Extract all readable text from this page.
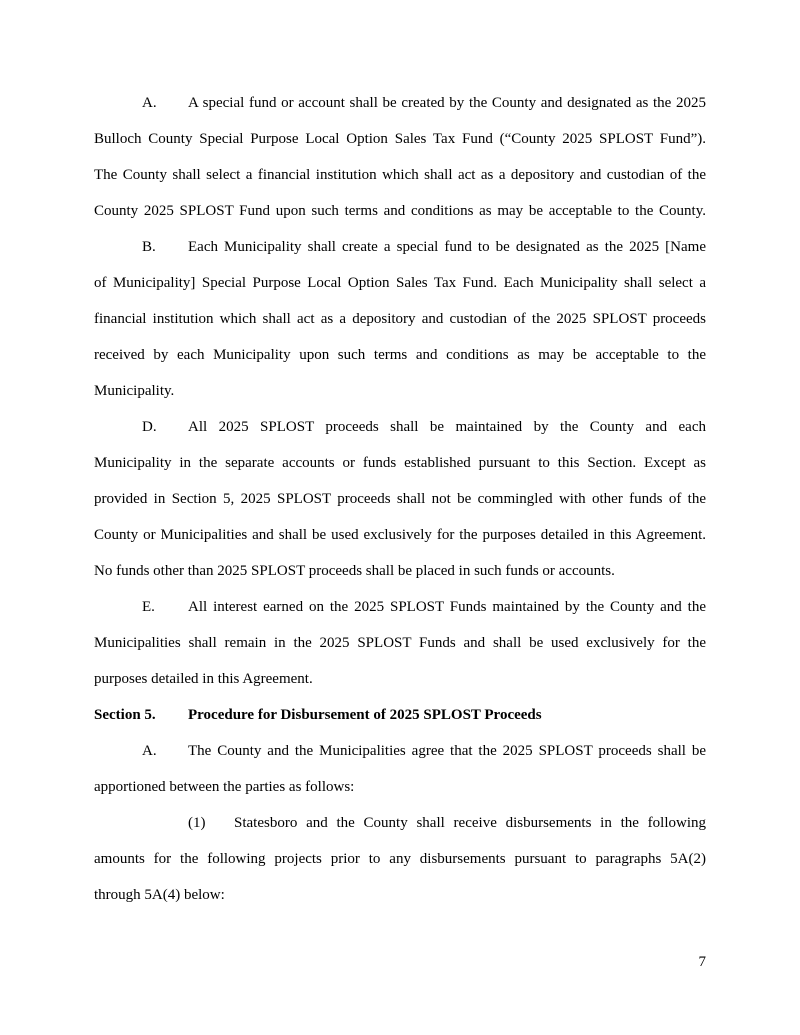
A. A special fund or account shall be created by the County and designated as the 2025
Bulloch County Special Purpose Local Option Sales Tax Fund (“County 2025 SPLOST Fund”).
The County shall select a financial institution which shall act as a depository and custodian of the
County 2025 SPLOST Fund upon such terms and conditions as may be acceptable to the County.
B. Each Municipality shall create a special fund to be designated as the 2025 [Name
of Municipality] Special Purpose Local Option Sales Tax Fund. Each Municipality shall select a
financial institution which shall act as a depository and custodian of the 2025 SPLOST proceeds
received by each Municipality upon such terms and conditions as may be acceptable to the
Municipality.
D. All 2025 SPLOST proceeds shall be maintained by the County and each
Municipality in the separate accounts or funds established pursuant to this Section. Except as
provided in Section 5, 2025 SPLOST proceeds shall not be commingled with other funds of the
County or Municipalities and shall be used exclusively for the purposes detailed in this Agreement.
No funds other than 2025 SPLOST proceeds shall be placed in such funds or accounts.
E. All interest earned on the 2025 SPLOST Funds maintained by the County and the
Municipalities shall remain in the 2025 SPLOST Funds and shall be used exclusively for the
purposes detailed in this Agreement.
Section 5. Procedure for Disbursement of 2025 SPLOST Proceeds
A. The County and the Municipalities agree that the 2025 SPLOST proceeds shall be
apportioned between the parties as follows:
(1) Statesboro and the County shall receive disbursements in the following
amounts for the following projects prior to any disbursements pursuant to paragraphs 5A(2)
through 5A(4) below:
7
